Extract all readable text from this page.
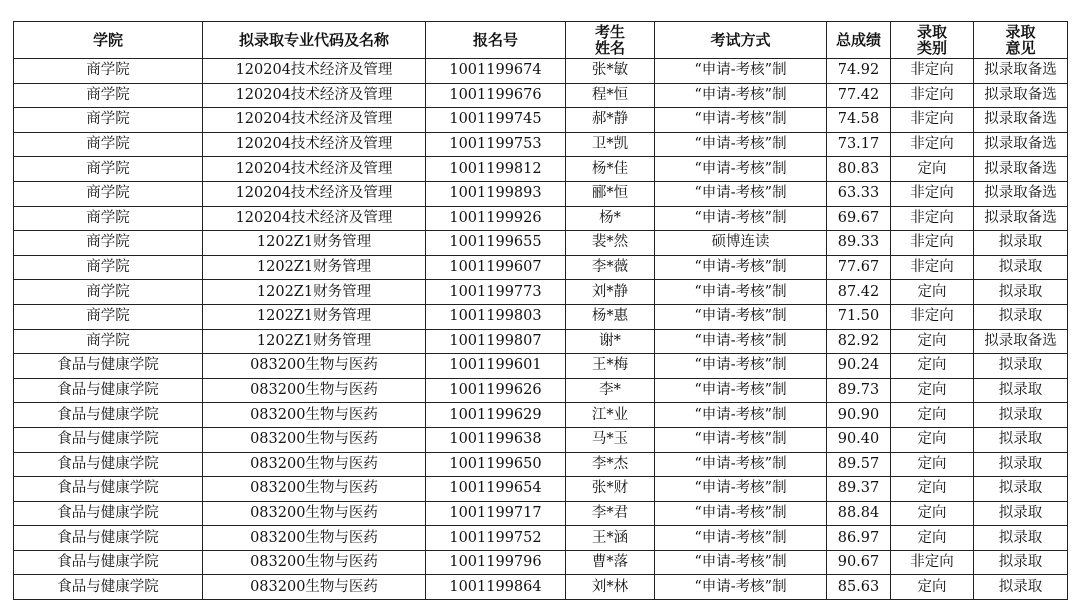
学院	拟录取专业代码及名称	报名号	考生姓名	考试方式	总成绩	录取类别	录取意见
商学院	120204技术经济及管理	1001199674	张*敏	“申请-考核”制	74.92	非定向	拟录取备选
商学院	120204技术经济及管理	1001199676	程*恒	“申请-考核”制	77.42	非定向	拟录取备选
商学院	120204技术经济及管理	1001199745	郝*静	“申请-考核”制	74.58	非定向	拟录取备选
商学院	120204技术经济及管理	1001199753	卫*凯	“申请-考核”制	73.17	非定向	拟录取备选
商学院	120204技术经济及管理	1001199812	杨*佳	“申请-考核”制	80.83	定向	拟录取备选
商学院	120204技术经济及管理	1001199893	郦*恒	“申请-考核”制	63.33	非定向	拟录取备选
商学院	120204技术经济及管理	1001199926	杨*	“申请-考核”制	69.67	非定向	拟录取备选
商学院	1202Z1财务管理	1001199655	裴*然	硕博连读	89.33	非定向	拟录取
商学院	1202Z1财务管理	1001199607	李*薇	“申请-考核”制	77.67	非定向	拟录取
商学院	1202Z1财务管理	1001199773	刘*静	“申请-考核”制	87.42	定向	拟录取
商学院	1202Z1财务管理	1001199803	杨*惠	“申请-考核”制	71.50	非定向	拟录取
商学院	1202Z1财务管理	1001199807	谢*	“申请-考核”制	82.92	定向	拟录取备选
食品与健康学院	083200生物与医药	1001199601	王*梅	“申请-考核”制	90.24	定向	拟录取
食品与健康学院	083200生物与医药	1001199626	李*	“申请-考核”制	89.73	定向	拟录取
食品与健康学院	083200生物与医药	1001199629	江*业	“申请-考核”制	90.90	定向	拟录取
食品与健康学院	083200生物与医药	1001199638	马*玉	“申请-考核”制	90.40	定向	拟录取
食品与健康学院	083200生物与医药	1001199650	李*杰	“申请-考核”制	89.57	定向	拟录取
食品与健康学院	083200生物与医药	1001199654	张*财	“申请-考核”制	89.37	定向	拟录取
食品与健康学院	083200生物与医药	1001199717	李*君	“申请-考核”制	88.84	定向	拟录取
食品与健康学院	083200生物与医药	1001199752	王*涵	“申请-考核”制	86.97	定向	拟录取
食品与健康学院	083200生物与医药	1001199796	曹*落	“申请-考核”制	90.67	非定向	拟录取
食品与健康学院	083200生物与医药	1001199864	刘*林	“申请-考核”制	85.63	定向	拟录取
